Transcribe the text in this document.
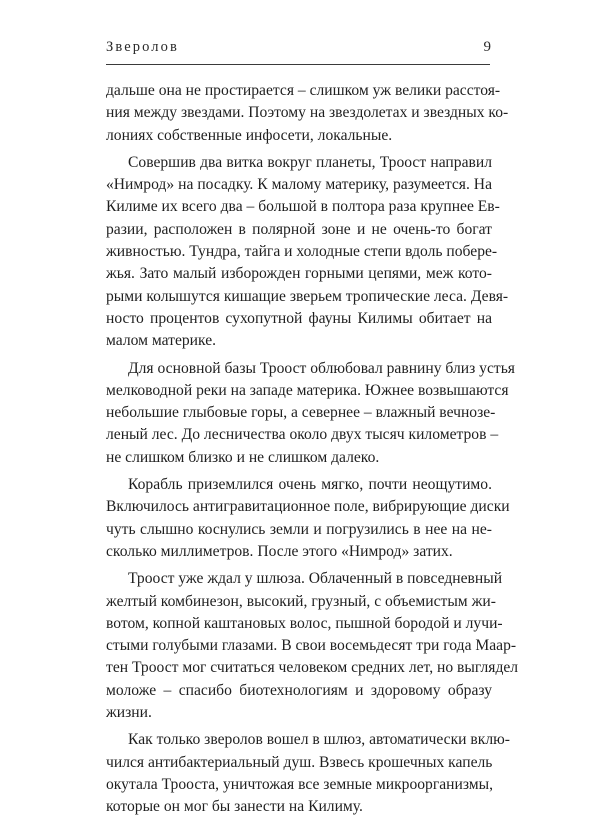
Зверолов	9
дальше она не простирается – слишком уж велики расстоя-
ния между звездами. Поэтому на звездолетах и звездных ко-
лониях собственные инфосети, локальные.
Совершив два витка вокруг планеты, Троост направил
«Нимрод» на посадку. К малому материку, разумеется. На
Килиме их всего два – большой в полтора раза крупнее Ев-
разии, расположен в полярной зоне и не очень-то богат
живностью. Тундра, тайга и холодные степи вдоль побере-
жья. Зато малый изборожден горными цепями, меж кото-
рыми колышутся кишащие зверьем тропические леса. Девя-
носто процентов сухопутной фауны Килимы обитает на
малом материке.
Для основной базы Троост облюбовал равнину близ устья
мелководной реки на западе материка. Южнее возвышаются
небольшие глыбовые горы, а севернее – влажный вечнозе-
леный лес. До лесничества около двух тысяч километров –
не слишком близко и не слишком далеко.
Корабль приземлился очень мягко, почти неощутимо.
Включилось антигравитационное поле, вибрирующие диски
чуть слышно коснулись земли и погрузились в нее на не-
сколько миллиметров. После этого «Нимрод» затих.
Троост уже ждал у шлюза. Облаченный в повседневный
желтый комбинезон, высокий, грузный, с объемистым жи-
вотом, копной каштановых волос, пышной бородой и лучи-
стыми голубыми глазами. В свои восемьдесят три года Маар-
тен Троост мог считаться человеком средних лет, но выглядел
моложе – спасибо биотехнологиям и здоровому образу
жизни.
Как только зверолов вошел в шлюз, автоматически вклю-
чился антибактериальный душ. Взвесь крошечных капель
окутала Трооста, уничтожая все земные микроорганизмы,
которые он мог бы занести на Килиму.
